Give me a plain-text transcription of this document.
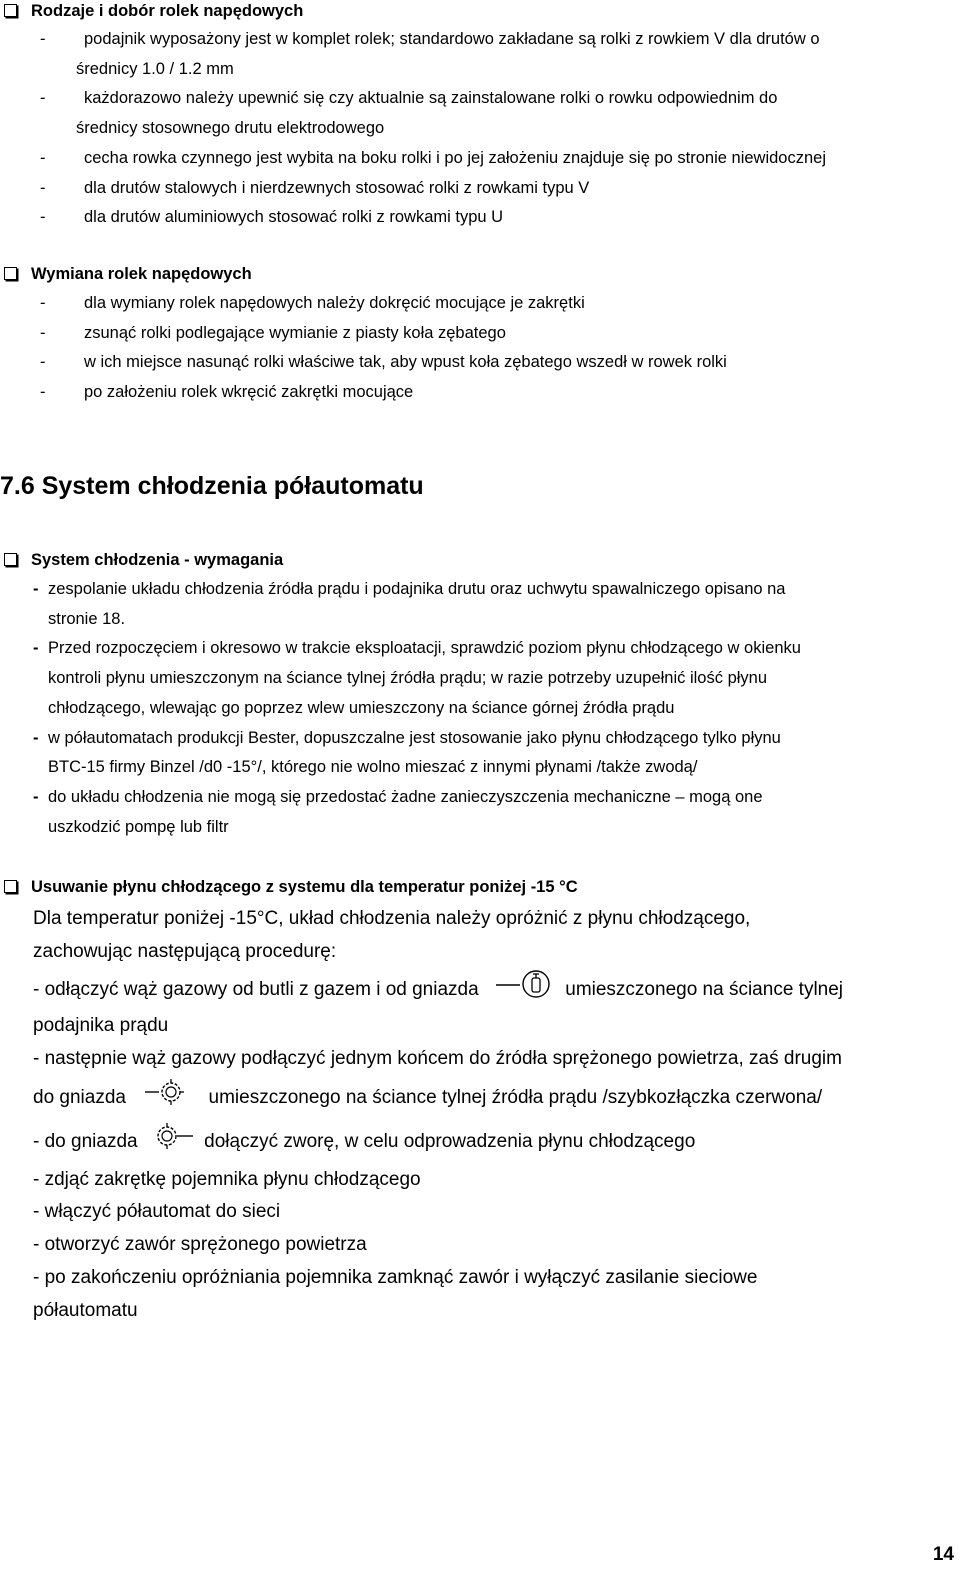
Rodzaje i dobór rolek napędowych
- podajnik wyposażony jest w komplet rolek; standardowo zakładane są rolki z rowkiem V dla drutów o
średnicy 1.0 / 1.2 mm
- każdorazowo należy upewnić się czy aktualnie są zainstalowane rolki o rowku odpowiednim do
średnicy stosownego drutu elektrodowego
- cecha rowka czynnego jest wybita na boku rolki i po jej założeniu znajduje się po stronie niewidocznej
- dla drutów stalowych i nierdzewnych stosować rolki z rowkami typu V
- dla drutów aluminiowych stosować rolki z rowkami typu U
Wymiana rolek napędowych
- dla wymiany rolek napędowych należy dokręcić mocujące je zakrętki
- zsunąć rolki podlegające wymianie z piasty koła zębatego
- w ich miejsce nasunąć rolki właściwe tak, aby wpust koła zębatego wszedł w rowek rolki
- po założeniu rolek wkręcić zakrętki mocujące
7.6 System chłodzenia półautomatu
System chłodzenia - wymagania
- zespolanie układu chłodzenia źródła prądu i podajnika drutu oraz uchwytu spawalniczego opisano na
stronie 18.
- Przed rozpoczęciem i okresowo w trakcie eksploatacji, sprawdzić poziom płynu chłodzącego w okienku
kontroli płynu umieszczonym na ściance tylnej źródła prądu; w razie potrzeby uzupełnić ilość płynu
chłodzącego, wlewając go poprzez wlew umieszczony na ściance górnej źródła prądu
- w półautomatach produkcji Bester, dopuszczalne jest stosowanie jako płynu chłodzącego tylko płynu
BTC-15 firmy Binzel /d0 -15°/, którego nie wolno mieszać z innymi płynami /także zwodą/
- do układu chłodzenia nie mogą się przedostać żadne zanieczyszczenia mechaniczne – mogą one
uszkodzić pompę lub filtr
Usuwanie płynu chłodzącego z systemu dla temperatur poniżej -15 °C

Dla temperatur poniżej -15°C, układ chłodzenia należy opróżnić z płynu chłodzącego,

zachowując następującą procedurę:

- odłączyć wąż gazowy od butli z gazem i od gniazda	umieszczonego na ściance tylnej

podajnika prądu

- następnie wąż gazowy podłączyć jednym końcem do źródła sprężonego powietrza, zaś drugim

do gniazda	umieszczonego na ściance tylnej źródła prądu /szybkozłączka czerwona/

- do gniazda	dołączyć zworę, w celu odprowadzenia płynu chłodzącego

- zdjąć zakrętkę pojemnika płynu chłodzącego

- włączyć półautomat do sieci

- otworzyć zawór sprężonego powietrza

- po zakończeniu opróżniania pojemnika zamknąć zawór i wyłączyć zasilanie sieciowe

półautomatu

14
